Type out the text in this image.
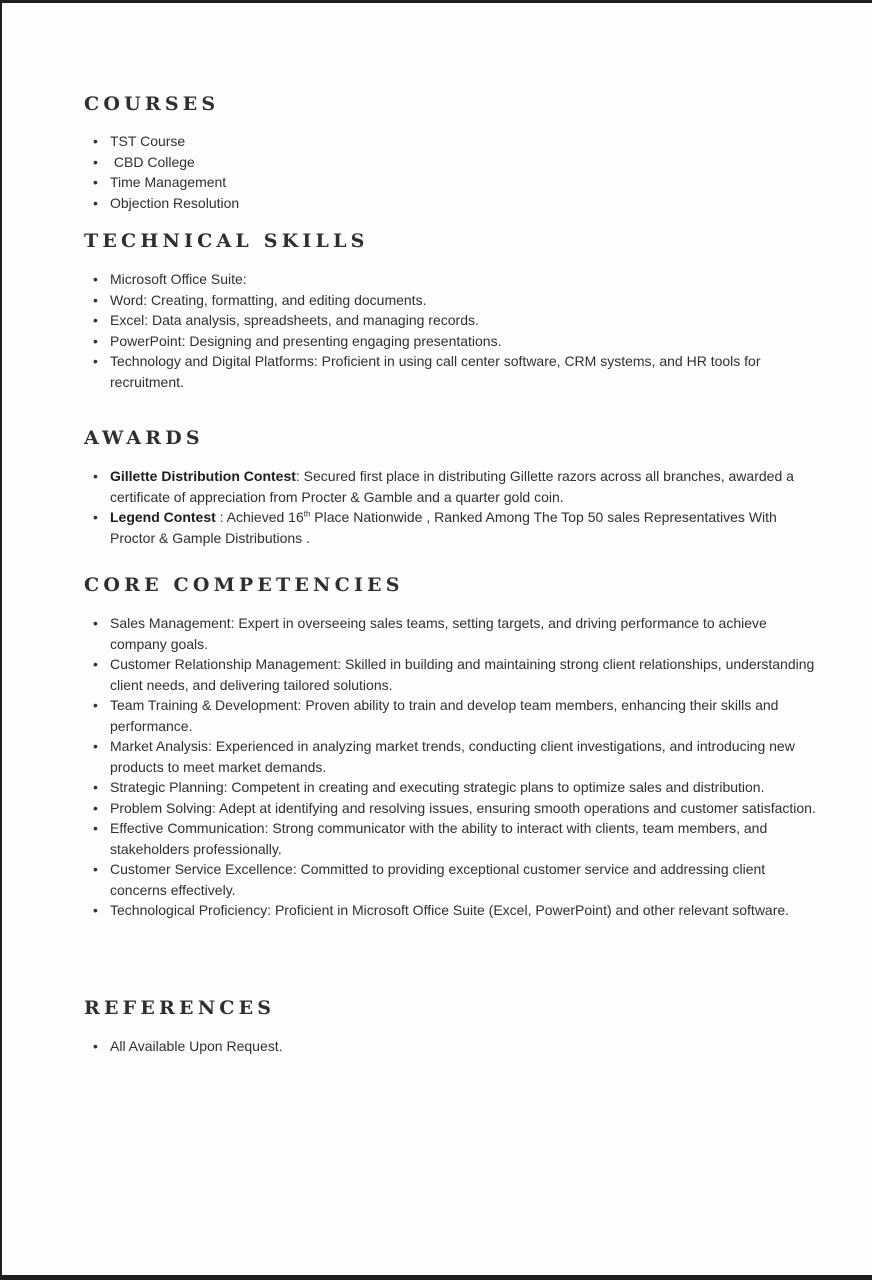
COURSES
• TST Course
• CBD College
• Time Management
• Objection Resolution
TECHNICAL SKILLS
• Microsoft Office Suite:
• Word: Creating, formatting, and editing documents.
• Excel: Data analysis, spreadsheets, and managing records.
• PowerPoint: Designing and presenting engaging presentations.
• Technology and Digital Platforms: Proficient in using call center software, CRM systems, and HR tools for recruitment.
AWARDS
• Gillette Distribution Contest: Secured first place in distributing Gillette razors across all branches, awarded a certificate of appreciation from Procter & Gamble and a quarter gold coin.
• Legend Contest : Achieved 16th Place Nationwide , Ranked Among The Top 50 sales Representatives With Proctor & Gample Distributions .
CORE COMPETENCIES
• Sales Management: Expert in overseeing sales teams, setting targets, and driving performance to achieve company goals.
• Customer Relationship Management: Skilled in building and maintaining strong client relationships, understanding client needs, and delivering tailored solutions.
• Team Training & Development: Proven ability to train and develop team members, enhancing their skills and performance.
• Market Analysis: Experienced in analyzing market trends, conducting client investigations, and introducing new products to meet market demands.
• Strategic Planning: Competent in creating and executing strategic plans to optimize sales and distribution.
• Problem Solving: Adept at identifying and resolving issues, ensuring smooth operations and customer satisfaction.
• Effective Communication: Strong communicator with the ability to interact with clients, team members, and stakeholders professionally.
• Customer Service Excellence: Committed to providing exceptional customer service and addressing client concerns effectively.
• Technological Proficiency: Proficient in Microsoft Office Suite (Excel, PowerPoint) and other relevant software.
REFERENCES
• All Available Upon Request.
